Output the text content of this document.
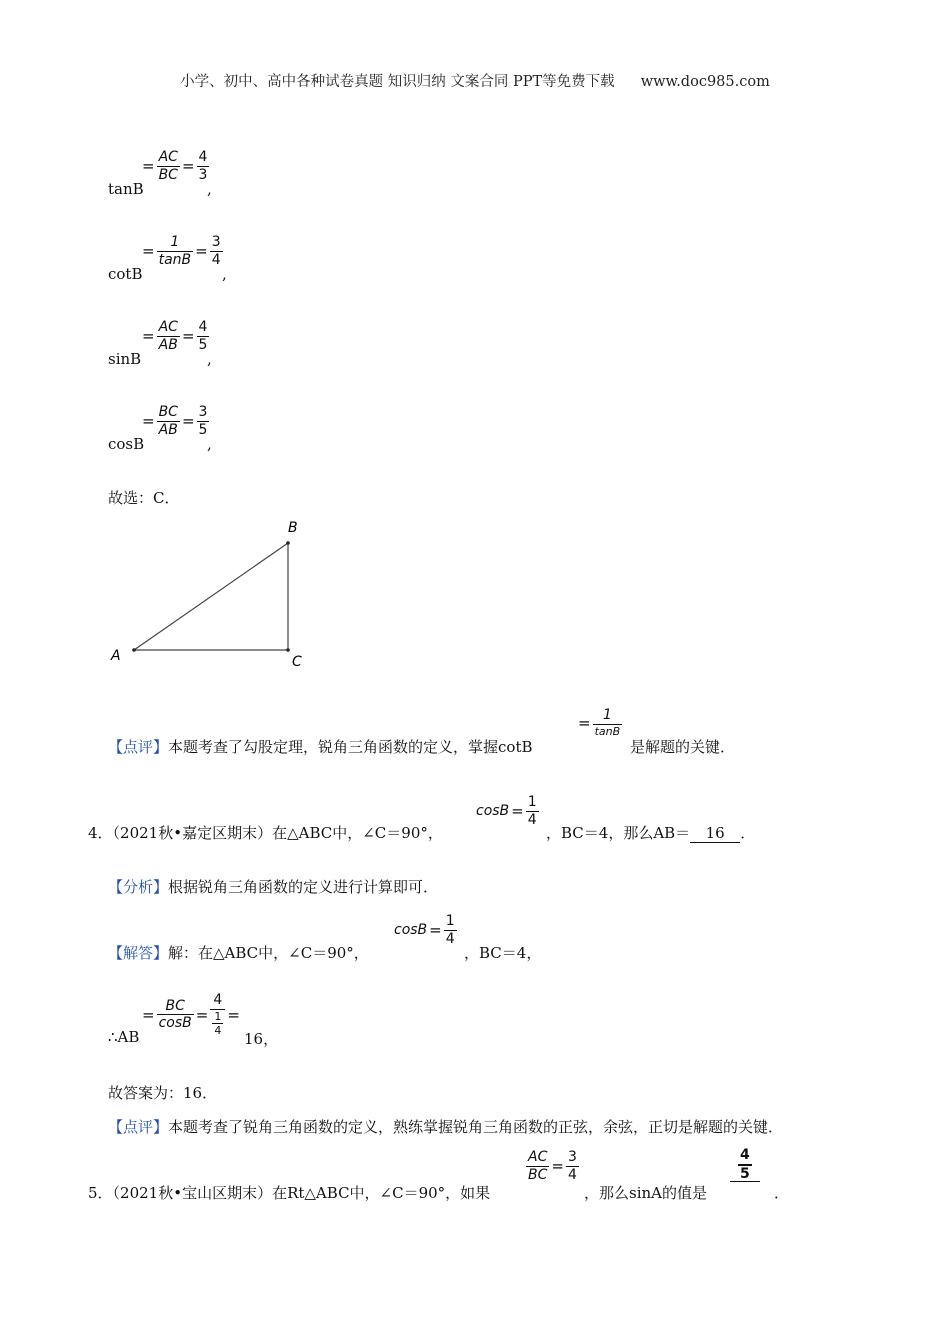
小学、初中、高中各种试卷真题 知识归纳 文案合同 PPT等免费下载 www.doc985.com
tanB
= $\frac{AC}{BC} = \frac{4}{3}$
,
cotB
= $\frac{1}{\tan B} = \frac{3}{4}$
,
sinB
= $\frac{AC}{AB} = \frac{4}{5}$
,
cosB
= $\frac{BC}{AB} = \frac{3}{5}$
,
故选：C．
A
B
C
【点评】本题考查了勾股定理，锐角三角函数的定义，掌握cotB
= $\frac{1}{\tan B}$
是解题的关键．
4．（2021秋•嘉定区期末）在△ABC中，∠C＝90°，
$\cos B = \frac{1}{4}$
，BC＝4，那么AB＝ 16 ．
【分析】根据锐角三角函数的定义进行计算即可．
【解答】解：在△ABC中，∠C＝90°，
$\cos B = \frac{1}{4}$
，BC＝4，
∴AB
= $\frac{BC}{\cos B} = \frac{4}{\frac{1}{4}}$ =
16，
故答案为：16．
【点评】本题考查了锐角三角函数的定义，熟练掌握锐角三角函数的正弦，余弦，正切是解题的关键．
5．（2021秋•宝山区期末）在Rt△ABC中，∠C＝90°，如果
$\frac{AC}{BC} = \frac{3}{4}$
，那么sinA的值是
$\frac{4}{5}$
．
